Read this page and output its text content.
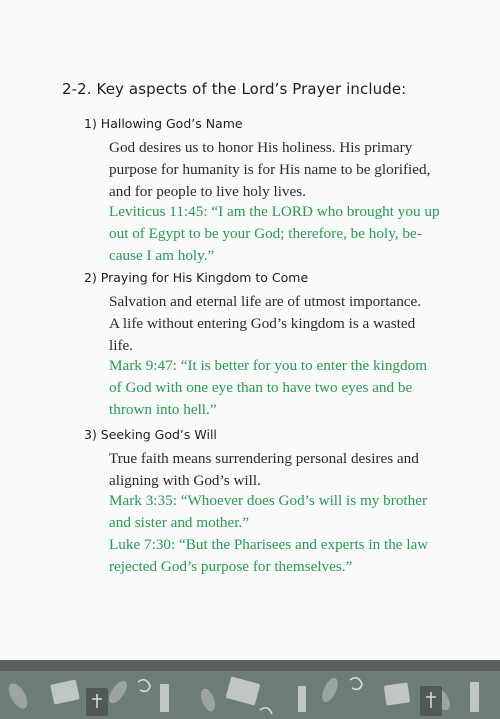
2-2. Key aspects of the Lord’s Prayer include:
1) Hallowing God’s Name

God desires us to honor His holiness. His primary
purpose for humanity is for His name to be glorified,
and for people to live holy lives.

Leviticus 11:45: “I am the LORD who brought you up
out of Egypt to be your God; therefore, be holy, be-
cause I am holy.”

2) Praying for His Kingdom to Come

Salvation and eternal life are of utmost importance.
A life without entering God’s kingdom is a wasted
life.

Mark 9:47: “It is better for you to enter the kingdom
of God with one eye than to have two eyes and be
thrown into hell.”

3) Seeking God’s Will

True faith means surrendering personal desires and
aligning with God’s will.

Mark 3:35: “Whoever does God’s will is my brother
and sister and mother.”

Luke 7:30: “But the Pharisees and experts in the law
rejected God’s purpose for themselves.”
